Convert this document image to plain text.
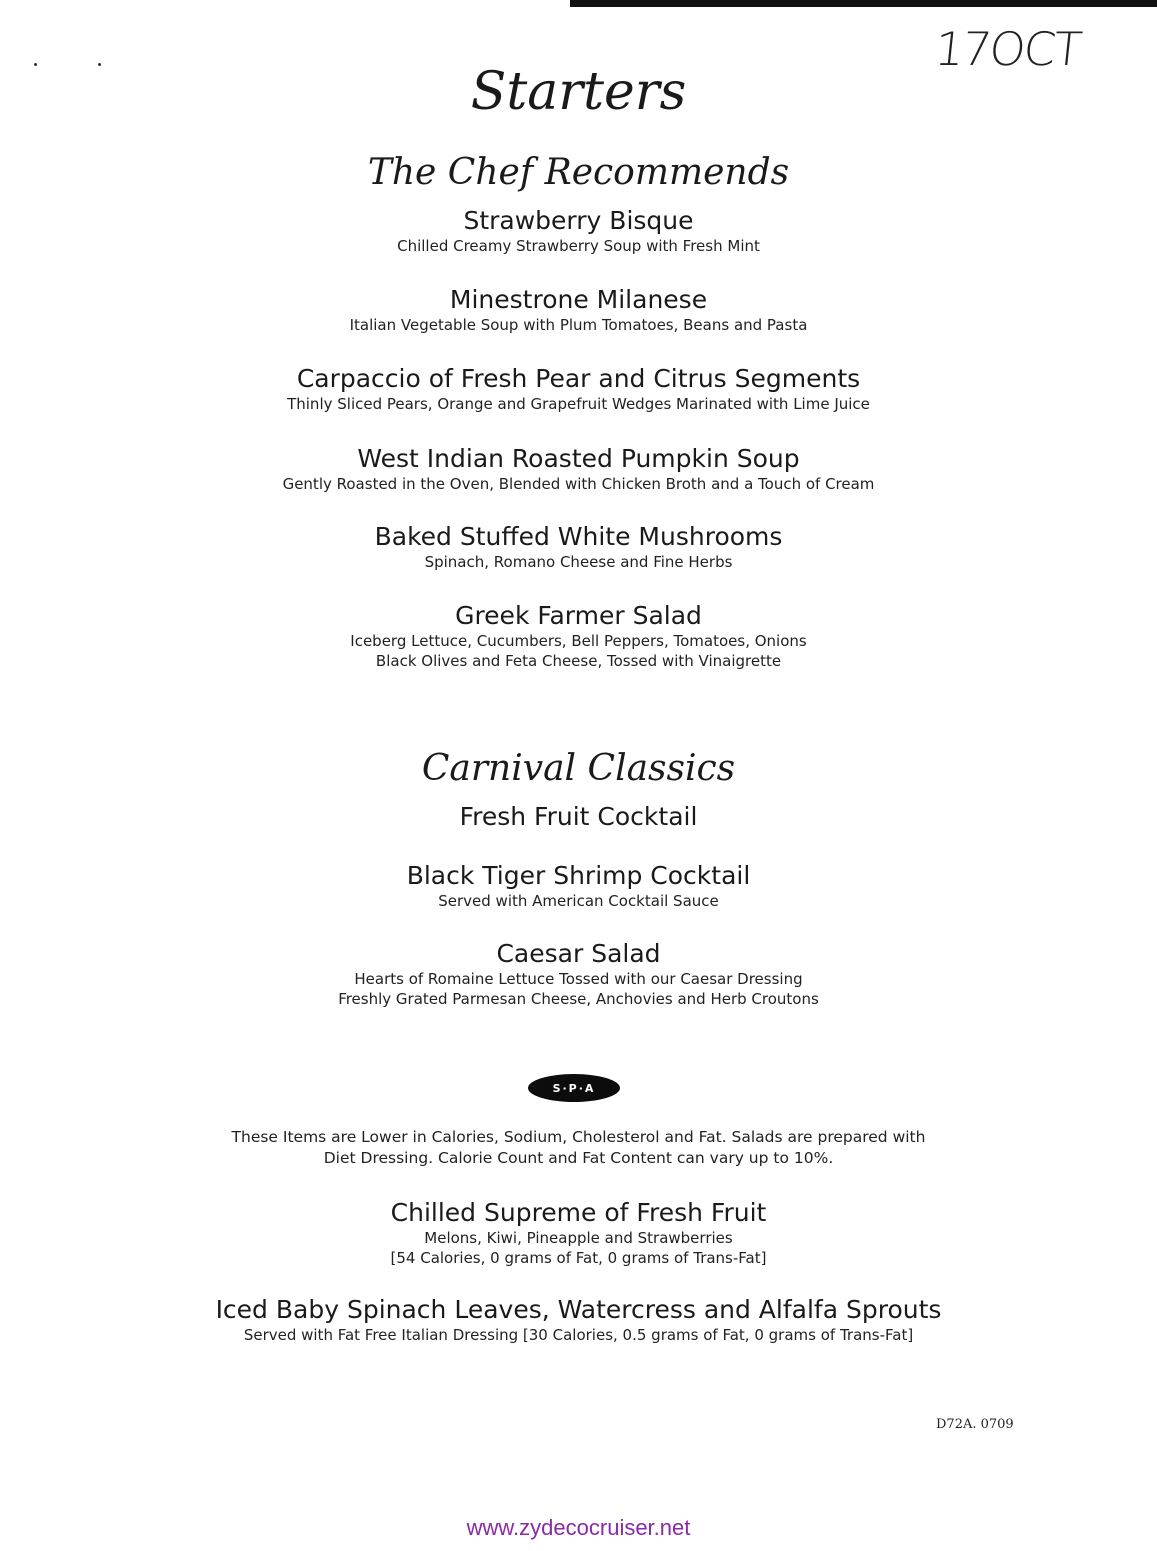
17OCT
Starters
The Chef Recommends
Strawberry Bisque
Chilled Creamy Strawberry Soup with Fresh Mint
Minestrone Milanese
Italian Vegetable Soup with Plum Tomatoes, Beans and Pasta
Carpaccio of Fresh Pear and Citrus Segments
Thinly Sliced Pears, Orange and Grapefruit Wedges Marinated with Lime Juice
West Indian Roasted Pumpkin Soup
Gently Roasted in the Oven, Blended with Chicken Broth and a Touch of Cream
Baked Stuffed White Mushrooms
Spinach, Romano Cheese and Fine Herbs
Greek Farmer Salad
Iceberg Lettuce, Cucumbers, Bell Peppers, Tomatoes, Onions
Black Olives and Feta Cheese, Tossed with Vinaigrette
Carnival Classics
Fresh Fruit Cocktail
Black Tiger Shrimp Cocktail
Served with American Cocktail Sauce
Caesar Salad
Hearts of Romaine Lettuce Tossed with our Caesar Dressing
Freshly Grated Parmesan Cheese, Anchovies and Herb Croutons
S·P·A
These Items are Lower in Calories, Sodium, Cholesterol and Fat. Salads are prepared with
Diet Dressing. Calorie Count and Fat Content can vary up to 10%.
Chilled Supreme of Fresh Fruit
Melons, Kiwi, Pineapple and Strawberries
[54 Calories, 0 grams of Fat, 0 grams of Trans-Fat]
Iced Baby Spinach Leaves, Watercress and Alfalfa Sprouts
Served with Fat Free Italian Dressing [30 Calories, 0.5 grams of Fat, 0 grams of Trans-Fat]
D72A. 0709
www.zydecocruiser.net
